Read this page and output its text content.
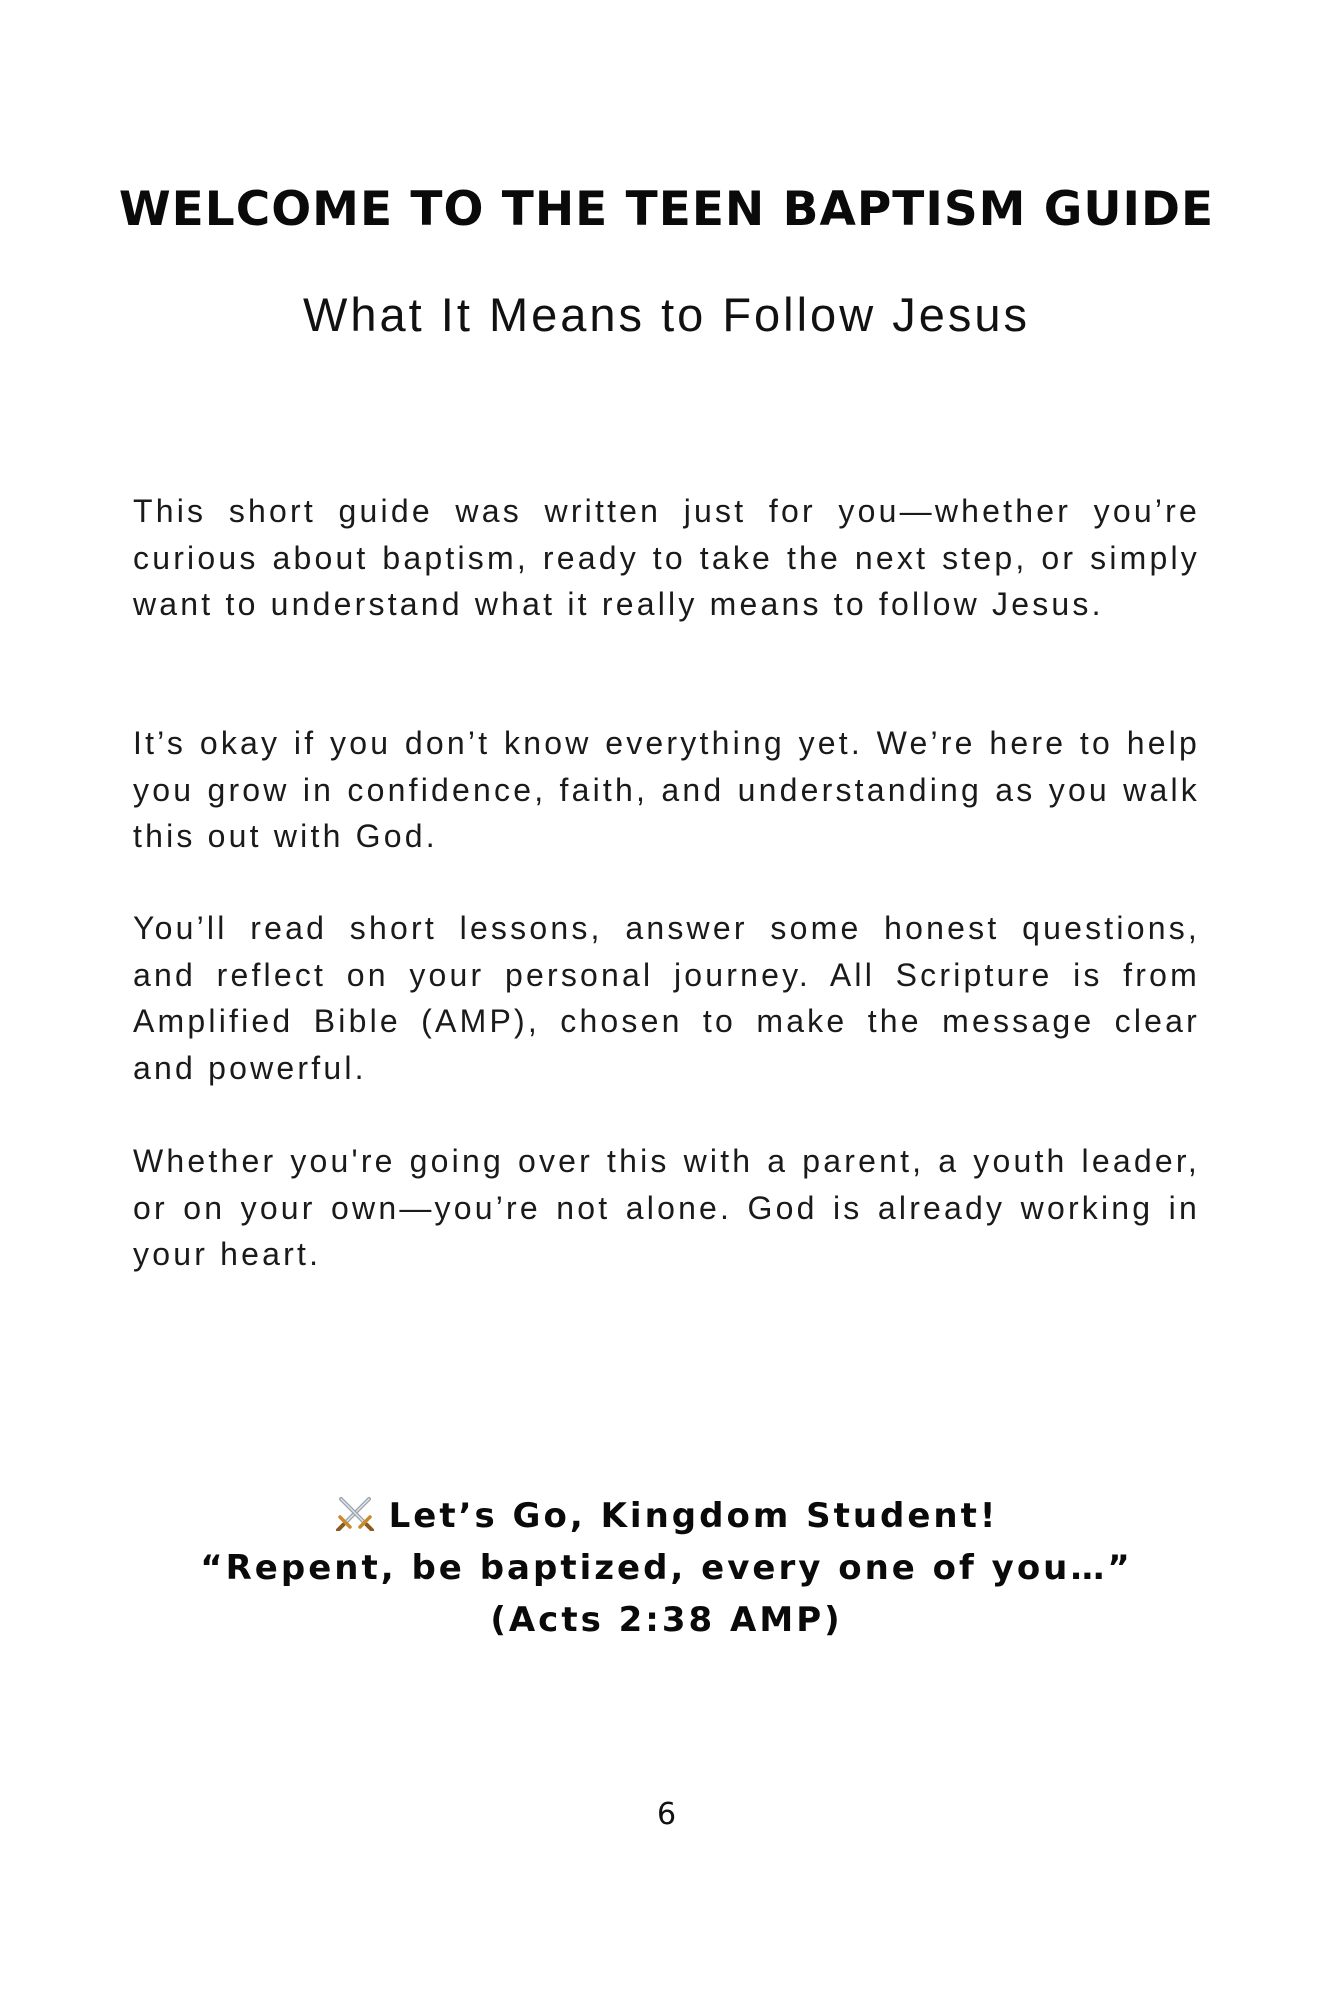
WELCOME TO THE TEEN BAPTISM GUIDE
What It Means to Follow Jesus

This short guide was written just for you—whether you’re curious about baptism, ready to take the next step, or simply want to understand what it really means to follow Jesus.

It’s okay if you don’t know everything yet. We’re here to help you grow in confidence, faith, and understanding as you walk this out with God.

You’ll read short lessons, answer some honest questions, and reflect on your personal journey. All Scripture is from Amplified Bible (AMP), chosen to make the message clear and powerful.

Whether you're going over this with a parent, a youth leader, or on your own—you’re not alone. God is already working in your heart.

Let’s Go, Kingdom Student!
“Repent, be baptized, every one of you…”
(Acts 2:38 AMP)
6
